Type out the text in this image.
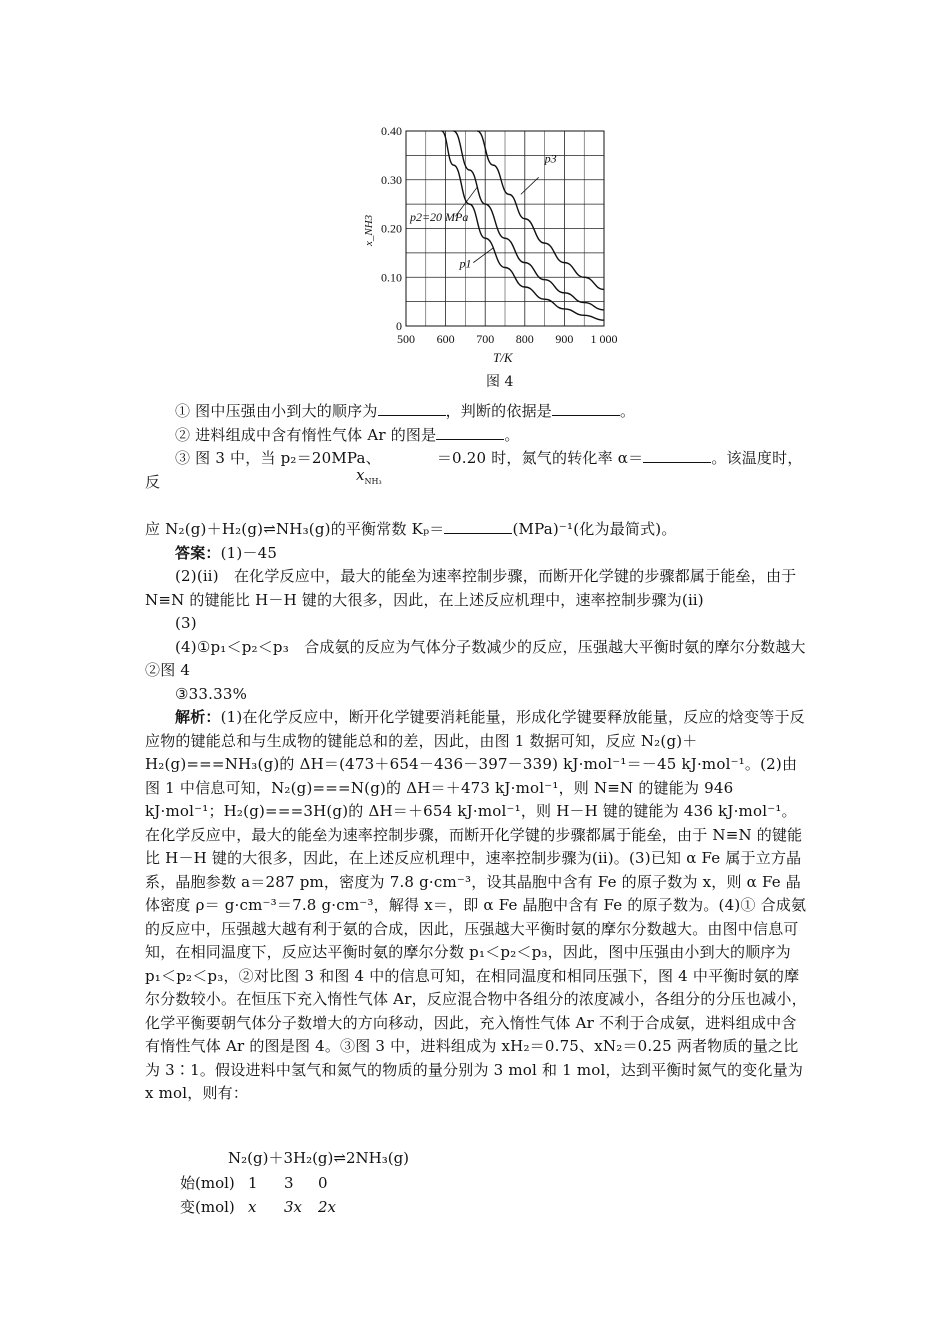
500 600 700 800 900 1 000
0
0.10
0.20
0.30
0.40
T/K
x_NH3
p3
p2=20 MPa
p1
图 4

① 图中压强由小到大的顺序为	，判断的依据是	。

② 进料组成中含有惰性气体 Ar 的图是	。

③ 图 3 中，当 p₂＝20MPa、	＝0.20 时，氮气的转化率 α＝	。该温度时，反

应 N₂(g)＋H₂(g)⇌NH₃(g)的平衡常数 Kₚ＝	(MPa)⁻¹(化为最简式)。

答案：(1)－45

(2)(ⅱ)　在化学反应中，最大的能垒为速率控制步骤，而断开化学键的步骤都属于能垒，由于 N≡N 的键能比 H－H 键的大很多，因此，在上述反应机理中，速率控制步骤为(ⅱ)

(3)

(4)①p₁＜p₂＜p₃　合成氨的反应为气体分子数减少的反应，压强越大平衡时氨的摩尔分数越大　②图 4

③33.33%

解析：(1)在化学反应中，断开化学键要消耗能量，形成化学键要释放能量，反应的焓变等于反应物的键能总和与生成物的键能总和的差，因此，由图 1 数据可知，反应 N₂(g)＋H₂(g)===NH₃(g)的 ΔH＝(473＋654－436－397－339) kJ·mol⁻¹＝－45 kJ·mol⁻¹。(2)由图 1 中信息可知，N₂(g)===N(g)的 ΔH＝＋473 kJ·mol⁻¹，则 N≡N 的键能为 946 kJ·mol⁻¹；H₂(g)===3H(g)的 ΔH＝＋654 kJ·mol⁻¹，则 H－H 键的键能为 436 kJ·mol⁻¹。在化学反应中，最大的能垒为速率控制步骤，而断开化学键的步骤都属于能垒，由于 N≡N 的键能比 H－H 键的大很多，因此，在上述反应机理中，速率控制步骤为(ⅱ)。(3)已知 α Fe 属于立方晶系，晶胞参数 a＝287 pm，密度为 7.8 g·cm⁻³，设其晶胞中含有 Fe 的原子数为 x，则 α Fe 晶体密度 ρ＝ g·cm⁻³＝7.8 g·cm⁻³，解得 x＝，即 α Fe 晶胞中含有 Fe 的原子数为。(4)① 合成氨的反应中，压强越大越有利于氨的合成，因此，压强越大平衡时氨的摩尔分数越大。由图中信息可知，在相同温度下，反应达平衡时氨的摩尔分数 p₁＜p₂＜p₃，因此，图中压强由小到大的顺序为 p₁＜p₂＜p₃，②对比图 3 和图 4 中的信息可知，在相同温度和相同压强下，图 4 中平衡时氨的摩尔分数较小。在恒压下充入惰性气体 Ar，反应混合物中各组分的浓度减小，各组分的分压也减小，化学平衡要朝气体分子数增大的方向移动，因此，充入惰性气体 Ar 不利于合成氨，进料组成中含有惰性气体 Ar 的图是图 4。③图 3 中，进料组成为 xH₂＝0.75、xN₂＝0.25 两者物质的量之比为 3∶1。假设进料中氢气和氮气的物质的量分别为 3 mol 和 1 mol，达到平衡时氮气的变化量为 x mol，则有：

$x_{NH_3}$
N₂(g)＋3H₂(g)⇌2NH₃(g)
始(mol) 1 3 0
变(mol) x 3x 2x
